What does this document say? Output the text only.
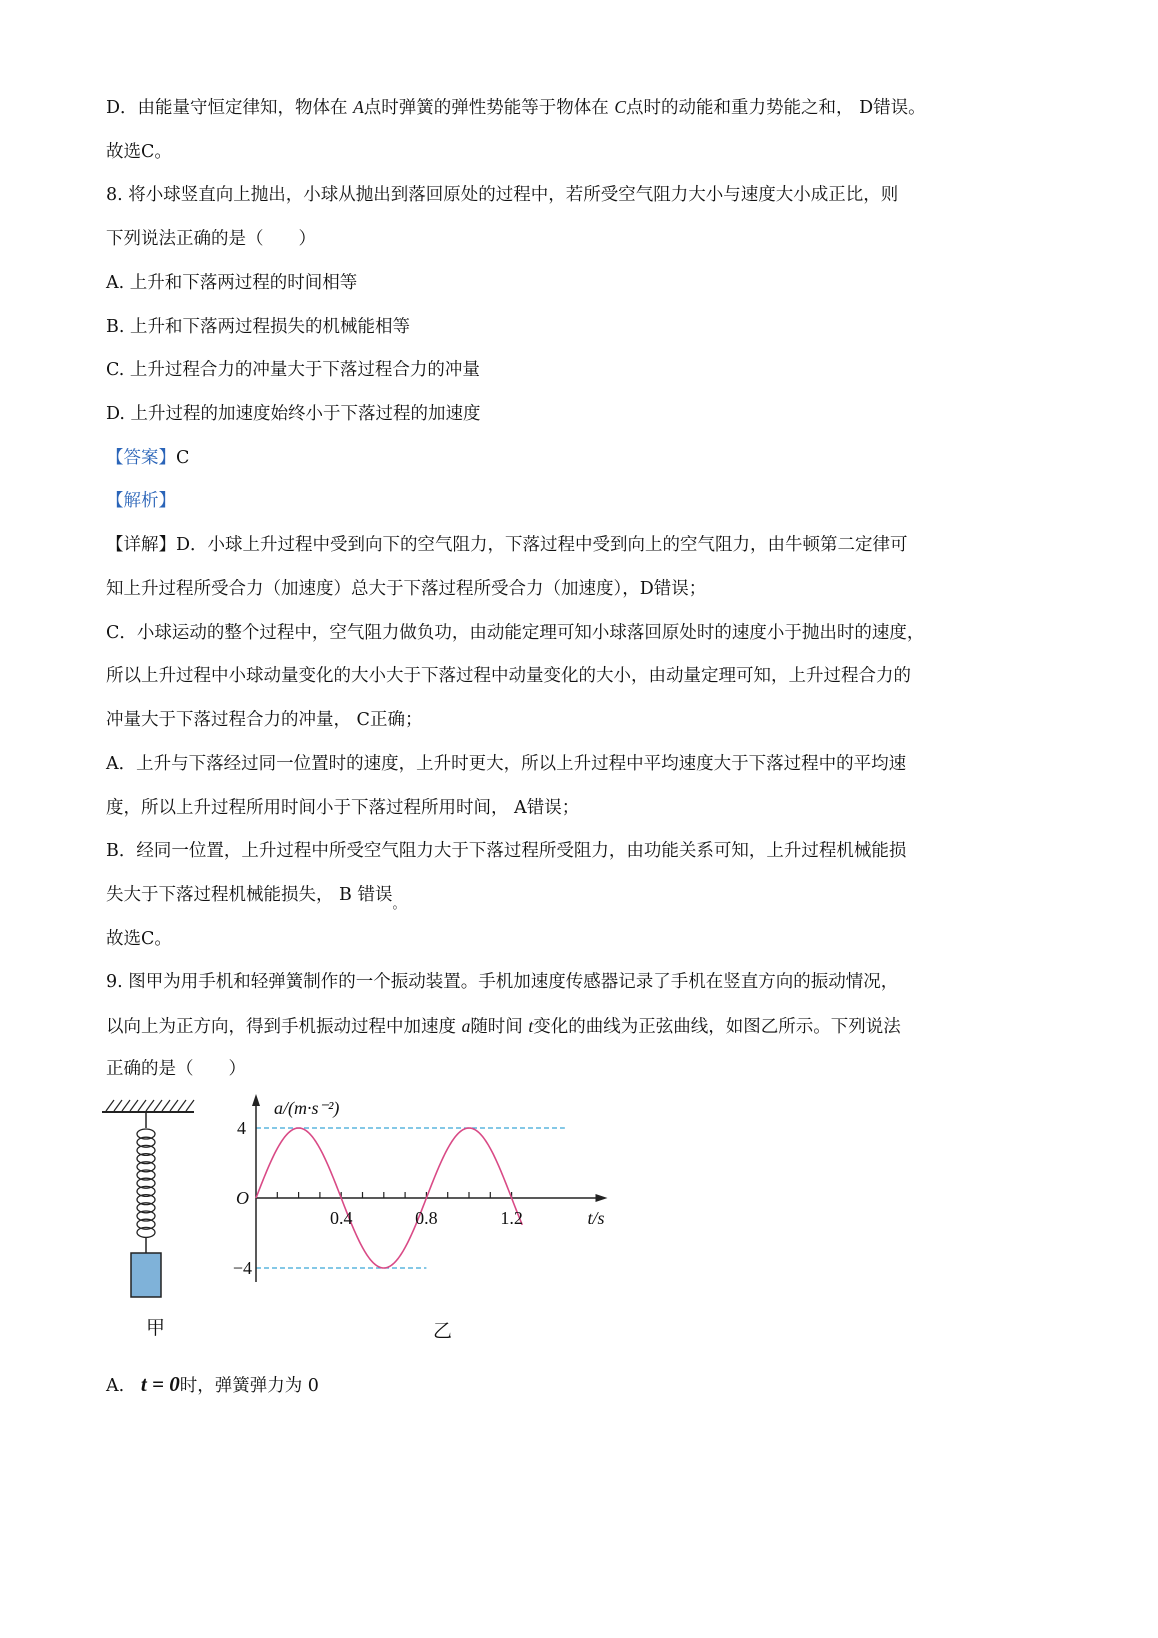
D．由能量守恒定律知，物体在 A点时弹簧的弹性势能等于物体在 C点时的动能和重力势能之和， D错误。
故选C。
8. 将小球竖直向上抛出，小球从抛出到落回原处的过程中，若所受空气阻力大小与速度大小成正比，则
下列说法正确的是（　　）
A. 上升和下落两过程的时间相等
B. 上升和下落两过程损失的机械能相等
C. 上升过程合力的冲量大于下落过程合力的冲量
D. 上升过程的加速度始终小于下落过程的加速度
【答案】C
【解析】
【详解】D．小球上升过程中受到向下的空气阻力，下落过程中受到向上的空气阻力，由牛顿第二定律可
知上升过程所受合力（加速度）总大于下落过程所受合力（加速度），D错误；
C．小球运动的整个过程中，空气阻力做负功，由动能定理可知小球落回原处时的速度小于抛出时的速度，
所以上升过程中小球动量变化的大小大于下落过程中动量变化的大小，由动量定理可知，上升过程合力的
冲量大于下落过程合力的冲量， C正确；
A．上升与下落经过同一位置时的速度，上升时更大，所以上升过程中平均速度大于下落过程中的平均速
度，所以上升过程所用时间小于下落过程所用时间， A错误；
B．经同一位置，上升过程中所受空气阻力大于下落过程所受阻力，由功能关系可知，上升过程机械能损
失大于下落过程机械能损失， B 错误$_。$
故选C。
9. 图甲为用手机和轻弹簧制作的一个振动装置。手机加速度传感器记录了手机在竖直方向的振动情况，
以向上为正方向，得到手机振动过程中加速度 a随时间 t变化的曲线为正弦曲线，如图乙所示。下列说法
正确的是（　　）
甲
0.4	0.8	1.2
4
−4
O
t/s
a/(m·s⁻²)
乙
A. t = 0时，弹簧弹力为 0
